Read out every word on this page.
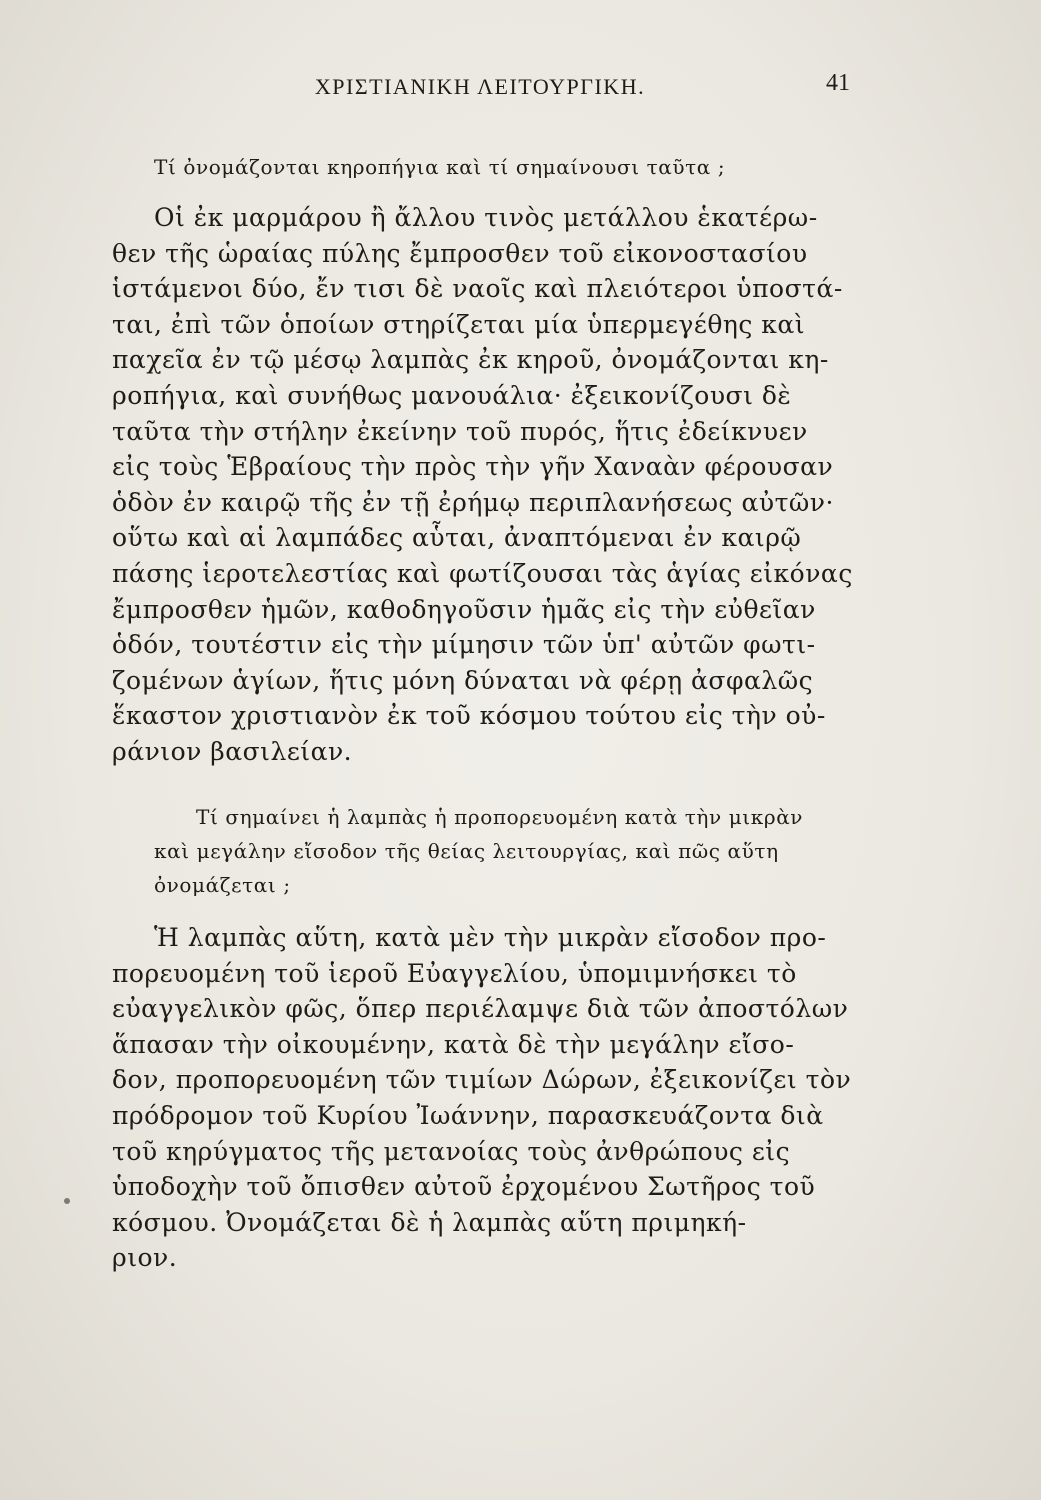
ΧΡΙΣΤΙΑΝΙΚΗ ΛΕΙΤΟΥΡΓΙΚΗ.	41
Τί ὀνομάζονται κηροπήγια καὶ τί σημαίνουσι ταῦτα ;
Οἱ ἐκ μαρμάρου ἢ ἄλλου τινὸς μετάλλου ἑκατέρω-
θεν τῆς ὡραίας πύλης ἔμπροσθεν τοῦ εἰκονοστασίου
ἱστάμενοι δύο, ἔν τισι δὲ ναοῖς καὶ πλειότεροι ὑποστά-
ται, ἐπὶ τῶν ὁποίων στηρίζεται μία ὑπερμεγέθης καὶ
παχεῖα ἐν τῷ μέσῳ λαμπὰς ἐκ κηροῦ, ὀνομάζονται κη-
ροπήγια, καὶ συνήθως μανουάλια· ἐξεικονίζουσι δὲ
ταῦτα τὴν στήλην ἐκείνην τοῦ πυρός, ἥτις ἐδείκνυεν
εἰς τοὺς Ἑβραίους τὴν πρὸς τὴν γῆν Χαναὰν φέρουσαν
ὁδὸν ἐν καιρῷ τῆς ἐν τῇ ἐρήμῳ περιπλανήσεως αὐτῶν·
οὕτω καὶ αἱ λαμπάδες αὗται, ἀναπτόμεναι ἐν καιρῷ
πάσης ἱεροτελεστίας καὶ φωτίζουσαι τὰς ἁγίας εἰκόνας
ἔμπροσθεν ἡμῶν, καθοδηγοῦσιν ἡμᾶς εἰς τὴν εὐθεῖαν
ὁδόν, τουτέστιν εἰς τὴν μίμησιν τῶν ὑπ' αὐτῶν φωτι-
ζομένων ἁγίων, ἥτις μόνη δύναται νὰ φέρῃ ἀσφαλῶς
ἕκαστον χριστιανὸν ἐκ τοῦ κόσμου τούτου εἰς τὴν οὐ-
ράνιον βασιλείαν.
Τί σημαίνει ἡ λαμπὰς ἡ προπορευομένη κατὰ τὴν μικρὰν
καὶ μεγάλην εἴσοδον τῆς θείας λειτουργίας, καὶ πῶς αὕτη
ὀνομάζεται ;
Ἡ λαμπὰς αὕτη, κατὰ μὲν τὴν μικρὰν εἴσοδον προ-
πορευομένη τοῦ ἱεροῦ Εὐαγγελίου, ὑπομιμνήσκει τὸ
εὐαγγελικὸν φῶς, ὅπερ περιέλαμψε διὰ τῶν ἀποστόλων
ἅπασαν τὴν οἰκουμένην, κατὰ δὲ τὴν μεγάλην εἴσο-
δον, προπορευομένη τῶν τιμίων Δώρων, ἐξεικονίζει τὸν
πρόδρομον τοῦ Κυρίου Ἰωάννην, παρασκευάζοντα διὰ
τοῦ κηρύγματος τῆς μετανοίας τοὺς ἀνθρώπους εἰς
ὑποδοχὴν τοῦ ὄπισθεν αὐτοῦ ἐρχομένου Σωτῆρος τοῦ
κόσμου. Ὀνομάζεται δὲ ἡ λαμπὰς αὕτη πριμηκή-
ριον.
